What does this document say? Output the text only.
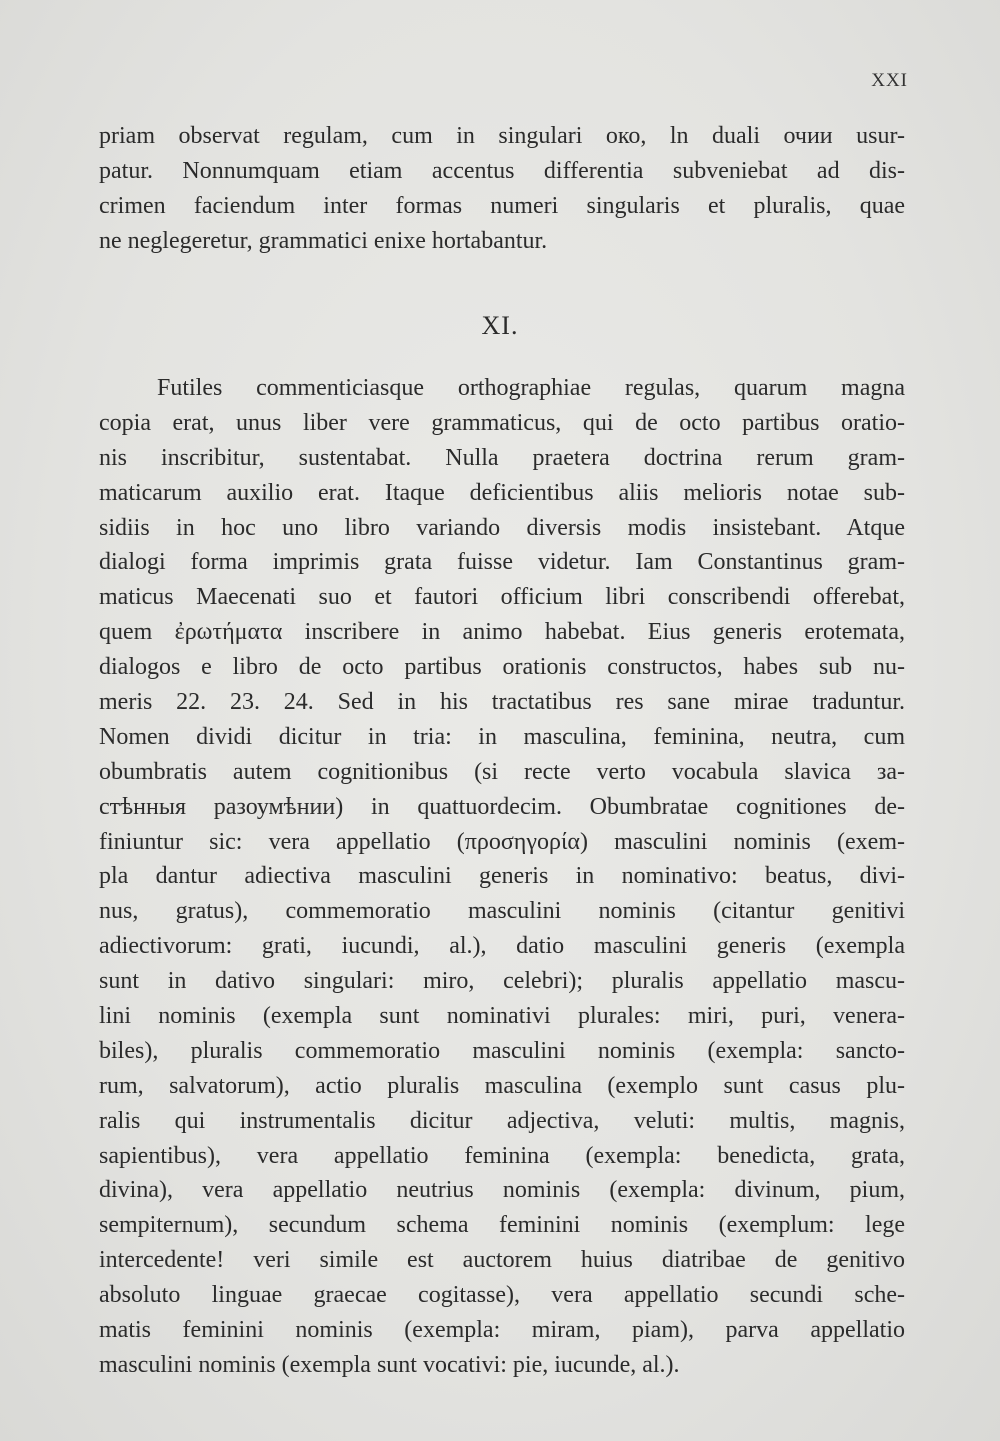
XXI
priam observat regulam, cum in singulari око, ln duali очии usur-
patur. Nonnumquam etiam accentus differentia subveniebat ad dis-
crimen faciendum inter formas numeri singularis et pluralis, quae
ne neglegeretur, grammatici enixe hortabantur.
XI.
Futiles commenticiasque orthographiae regulas, quarum magna
copia erat, unus liber vere grammaticus, qui de octo partibus oratio-
nis inscribitur, sustentabat. Nulla praetera doctrina rerum gram-
maticarum auxilio erat. Itaque deficientibus aliis melioris notae sub-
sidiis in hoc uno libro variando diversis modis insistebant. Atque
dialogi forma imprimis grata fuisse videtur. Iam Constantinus gram-
maticus Maecenati suo et fautori officium libri conscribendi offerebat,
quem ἐρωτήματα inscribere in animo habebat. Eius generis erotemata,
dialogos e libro de octo partibus orationis constructos, habes sub nu-
meris 22. 23. 24. Sed in his tractatibus res sane mirae traduntur.
Nomen dividi dicitur in tria: in masculina, feminina, neutra, cum
obumbratis autem cognitionibus (si recte verto vocabula slavica за-
стѣнныя разоумѣнии) in quattuordecim. Obumbratae cognitiones de-
finiuntur sic: vera appellatio (προσηγορία) masculini nominis (exem-
pla dantur adiectiva masculini generis in nominativo: beatus, divi-
nus, gratus), commemoratio masculini nominis (citantur genitivi
adiectivorum: grati, iucundi, al.), datio masculini generis (exempla
sunt in dativo singulari: miro, celebri); pluralis appellatio mascu-
lini nominis (exempla sunt nominativi plurales: miri, puri, venera-
biles), pluralis commemoratio masculini nominis (exempla: sancto-
rum, salvatorum), actio pluralis masculina (exemplo sunt casus plu-
ralis qui instrumentalis dicitur adjectiva, veluti: multis, magnis,
sapientibus), vera appellatio feminina (exempla: benedicta, grata,
divina), vera appellatio neutrius nominis (exempla: divinum, pium,
sempiternum), secundum schema feminini nominis (exemplum: lege
intercedente! veri simile est auctorem huius diatribae de genitivo
absoluto linguae graecae cogitasse), vera appellatio secundi sche-
matis feminini nominis (exempla: miram, piam), parva appellatio
masculini nominis (exempla sunt vocativi: pie, iucunde, al.).
